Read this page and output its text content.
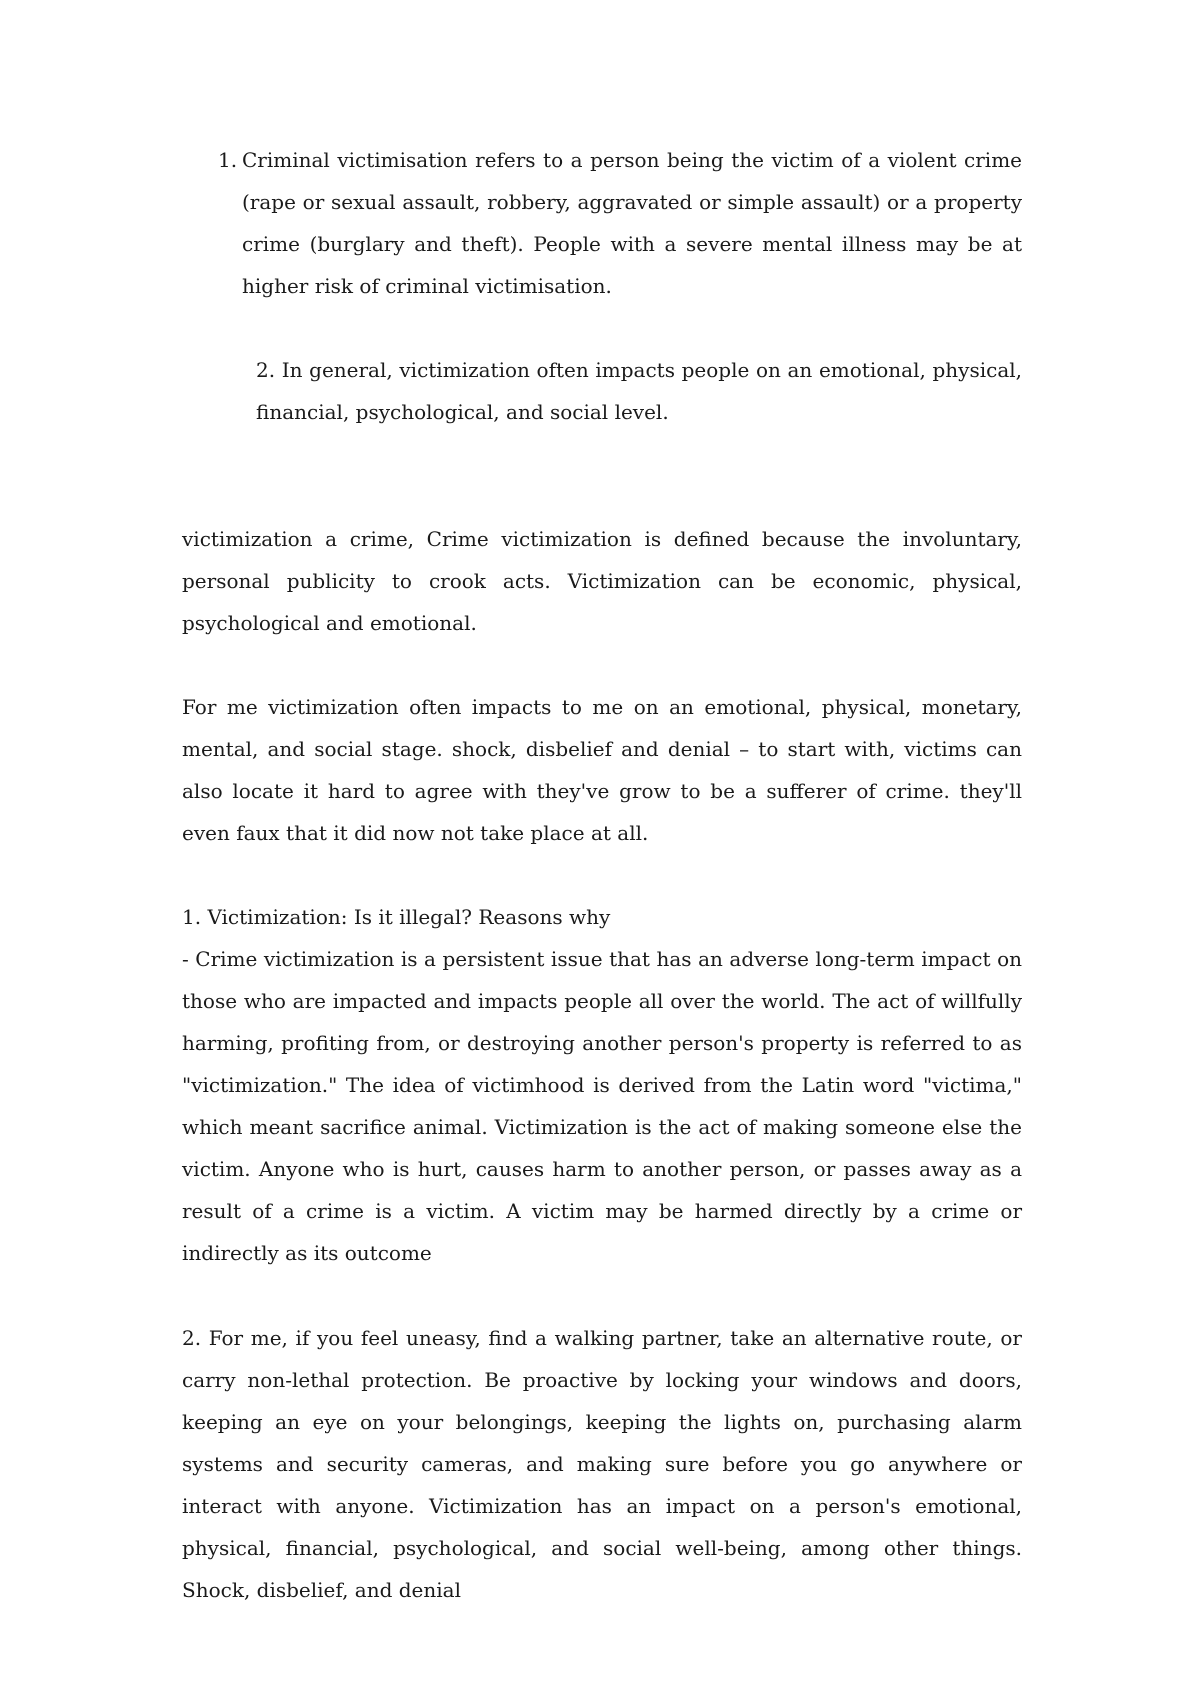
1. Criminal victimisation refers to a person being the victim of a violent crime (rape or sexual assault, robbery, aggravated or simple assault) or a property crime (burglary and theft). People with a severe mental illness may be at higher risk of criminal victimisation.

2. In general, victimization often impacts people on an emotional, physical, financial, psychological, and social level.

victimization a crime, Crime victimization is defined because the involuntary, personal publicity to crook acts. Victimization can be economic, physical, psychological and emotional.

For me victimization often impacts to me on an emotional, physical, monetary, mental, and social stage. shock, disbelief and denial – to start with, victims can also locate it hard to agree with they've grow to be a sufferer of crime. they'll even faux that it did now not take place at all.

1. Victimization: Is it illegal? Reasons why

- Crime victimization is a persistent issue that has an adverse long-term impact on those who are impacted and impacts people all over the world. The act of willfully harming, profiting from, or destroying another person's property is referred to as "victimization." The idea of victimhood is derived from the Latin word "victima," which meant sacrifice animal. Victimization is the act of making someone else the victim. Anyone who is hurt, causes harm to another person, or passes away as a result of a crime is a victim. A victim may be harmed directly by a crime or indirectly as its outcome

2. For me, if you feel uneasy, find a walking partner, take an alternative route, or carry non-lethal protection. Be proactive by locking your windows and doors, keeping an eye on your belongings, keeping the lights on, purchasing alarm systems and security cameras, and making sure before you go anywhere or interact with anyone. Victimization has an impact on a person's emotional, physical, financial, psychological, and social well-being, among other things. Shock, disbelief, and denial
